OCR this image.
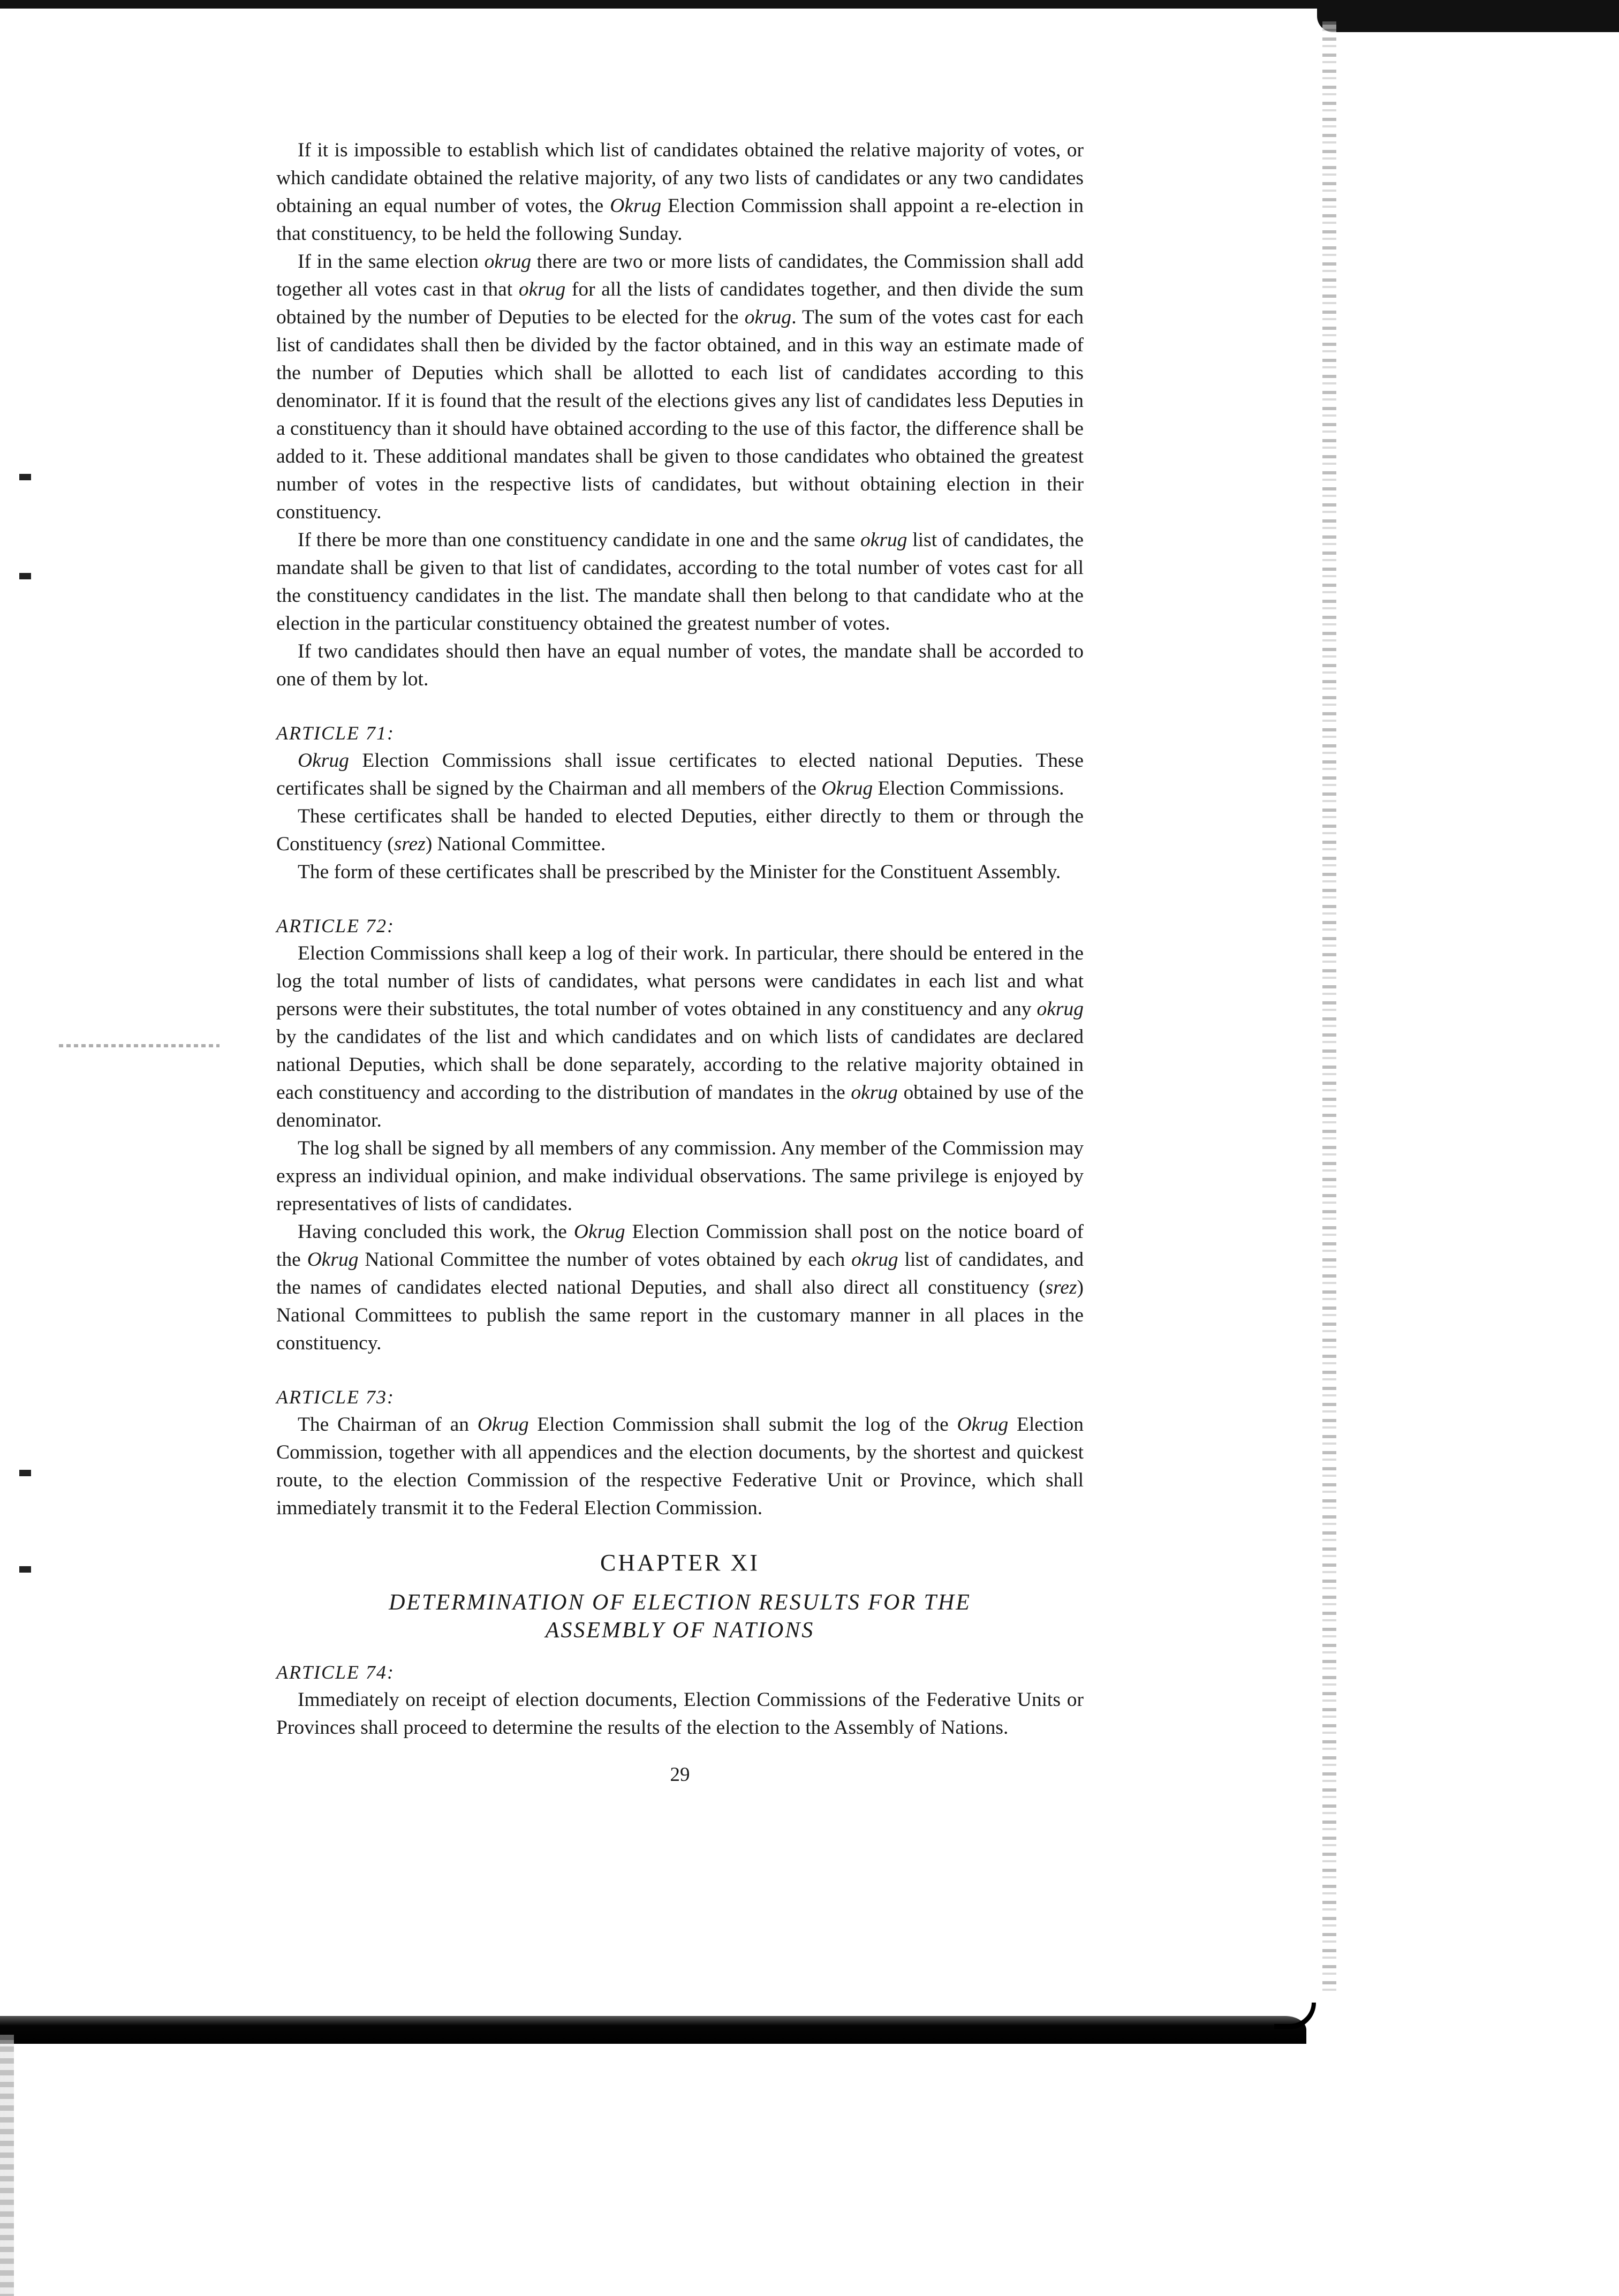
If it is impossible to establish which list of candidates obtained the relative majority of votes, or which candidate obtained the relative majority, of any two lists of candidates or any two candidates obtaining an equal number of votes, the Okrug Election Commission shall appoint a re-election in that constituency, to be held the following Sunday.

If in the same election okrug there are two or more lists of candidates, the Commission shall add together all votes cast in that okrug for all the lists of candidates together, and then divide the sum obtained by the number of Deputies to be elected for the okrug. The sum of the votes cast for each list of candidates shall then be divided by the factor obtained, and in this way an estimate made of the number of Deputies which shall be allotted to each list of candidates according to this denominator. If it is found that the result of the elections gives any list of candidates less Deputies in a constituency than it should have obtained according to the use of this factor, the difference shall be added to it. These additional mandates shall be given to those candidates who obtained the greatest number of votes in the respective lists of candidates, but without obtaining election in their constituency.

If there be more than one constituency candidate in one and the same okrug list of candidates, the mandate shall be given to that list of candidates, according to the total number of votes cast for all the constituency candidates in the list. The mandate shall then belong to that candidate who at the election in the particular constituency obtained the greatest number of votes.

If two candidates should then have an equal number of votes, the mandate shall be accorded to one of them by lot.

ARTICLE 71:

Okrug Election Commissions shall issue certificates to elected national Deputies. These certificates shall be signed by the Chairman and all members of the Okrug Election Commissions.

These certificates shall be handed to elected Deputies, either directly to them or through the Constituency (srez) National Committee.

The form of these certificates shall be prescribed by the Minister for the Constituent Assembly.

ARTICLE 72:

Election Commissions shall keep a log of their work. In particular, there should be entered in the log the total number of lists of candidates, what persons were candidates in each list and what persons were their substitutes, the total number of votes obtained in any constituency and any okrug by the candidates of the list and which candidates and on which lists of candidates are declared national Deputies, which shall be done separately, according to the relative majority obtained in each constituency and according to the distribution of mandates in the okrug obtained by use of the denominator.

The log shall be signed by all members of any commission. Any member of the Commission may express an individual opinion, and make individual observations. The same privilege is enjoyed by representatives of lists of candidates.

Having concluded this work, the Okrug Election Commission shall post on the notice board of the Okrug National Committee the number of votes obtained by each okrug list of candidates, and the names of candidates elected national Deputies, and shall also direct all constituency (srez) National Committees to publish the same report in the customary manner in all places in the constituency.

ARTICLE 73:

The Chairman of an Okrug Election Commission shall submit the log of the Okrug Election Commission, together with all appendices and the election documents, by the shortest and quickest route, to the election Commission of the respective Federative Unit or Province, which shall immediately transmit it to the Federal Election Commission.

CHAPTER XI

DETERMINATION OF ELECTION RESULTS FOR THE
ASSEMBLY OF NATIONS

ARTICLE 74:

Immediately on receipt of election documents, Election Commissions of the Federative Units or Provinces shall proceed to determine the results of the election to the Assembly of Nations.

29
